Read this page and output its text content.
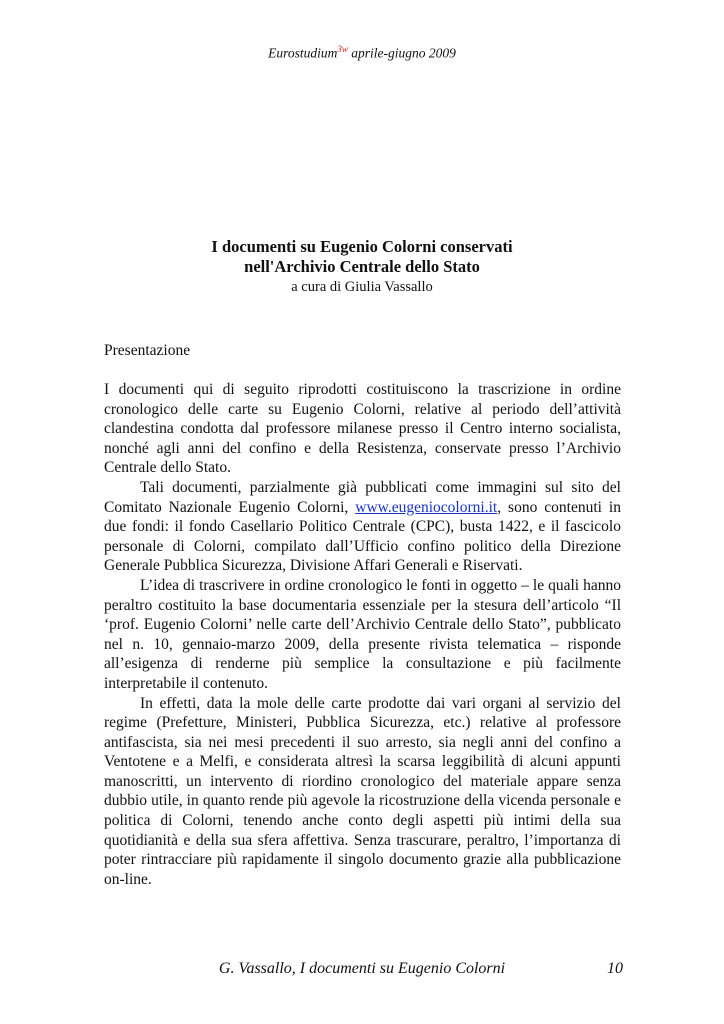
Eurostudium$^{3w}$ aprile-giugno 2009
I documenti su Eugenio Colorni conservati
nell'Archivio Centrale dello Stato
a cura di Giulia Vassallo
Presentazione

I documenti qui di seguito riprodotti costituiscono la trascrizione in ordine cronologico delle carte su Eugenio Colorni, relative al periodo dell’attività clandestina condotta dal professore milanese presso il Centro interno socialista, nonché agli anni del confino e della Resistenza, conservate presso l’Archivio Centrale dello Stato.

Tali documenti, parzialmente già pubblicati come immagini sul sito del Comitato Nazionale Eugenio Colorni, www.eugeniocolorni.it, sono contenuti in due fondi: il fondo Casellario Politico Centrale (CPC), busta 1422, e il fascicolo personale di Colorni, compilato dall’Ufficio confino politico della Direzione Generale Pubblica Sicurezza, Divisione Affari Generali e Riservati.

L’idea di trascrivere in ordine cronologico le fonti in oggetto – le quali hanno peraltro costituito la base documentaria essenziale per la stesura dell’articolo “Il ‘prof. Eugenio Colorni’ nelle carte dell’Archivio Centrale dello Stato”, pubblicato nel n. 10, gennaio-marzo 2009, della presente rivista telematica – risponde all’esigenza di renderne più semplice la consultazione e più facilmente interpretabile il contenuto.

In effetti, data la mole delle carte prodotte dai vari organi al servizio del regime (Prefetture, Ministeri, Pubblica Sicurezza, etc.) relative al professore antifascista, sia nei mesi precedenti il suo arresto, sia negli anni del confino a Ventotene e a Melfi, e considerata altresì la scarsa leggibilità di alcuni appunti manoscritti, un intervento di riordino cronologico del materiale appare senza dubbio utile, in quanto rende più agevole la ricostruzione della vicenda personale e politica di Colorni, tenendo anche conto degli aspetti più intimi della sua quotidianità e della sua sfera affettiva. Senza trascurare, peraltro, l’importanza di poter rintracciare più rapidamente il singolo documento grazie alla pubblicazione on-line.

G. Vassallo, I documenti su Eugenio Colorni	10
